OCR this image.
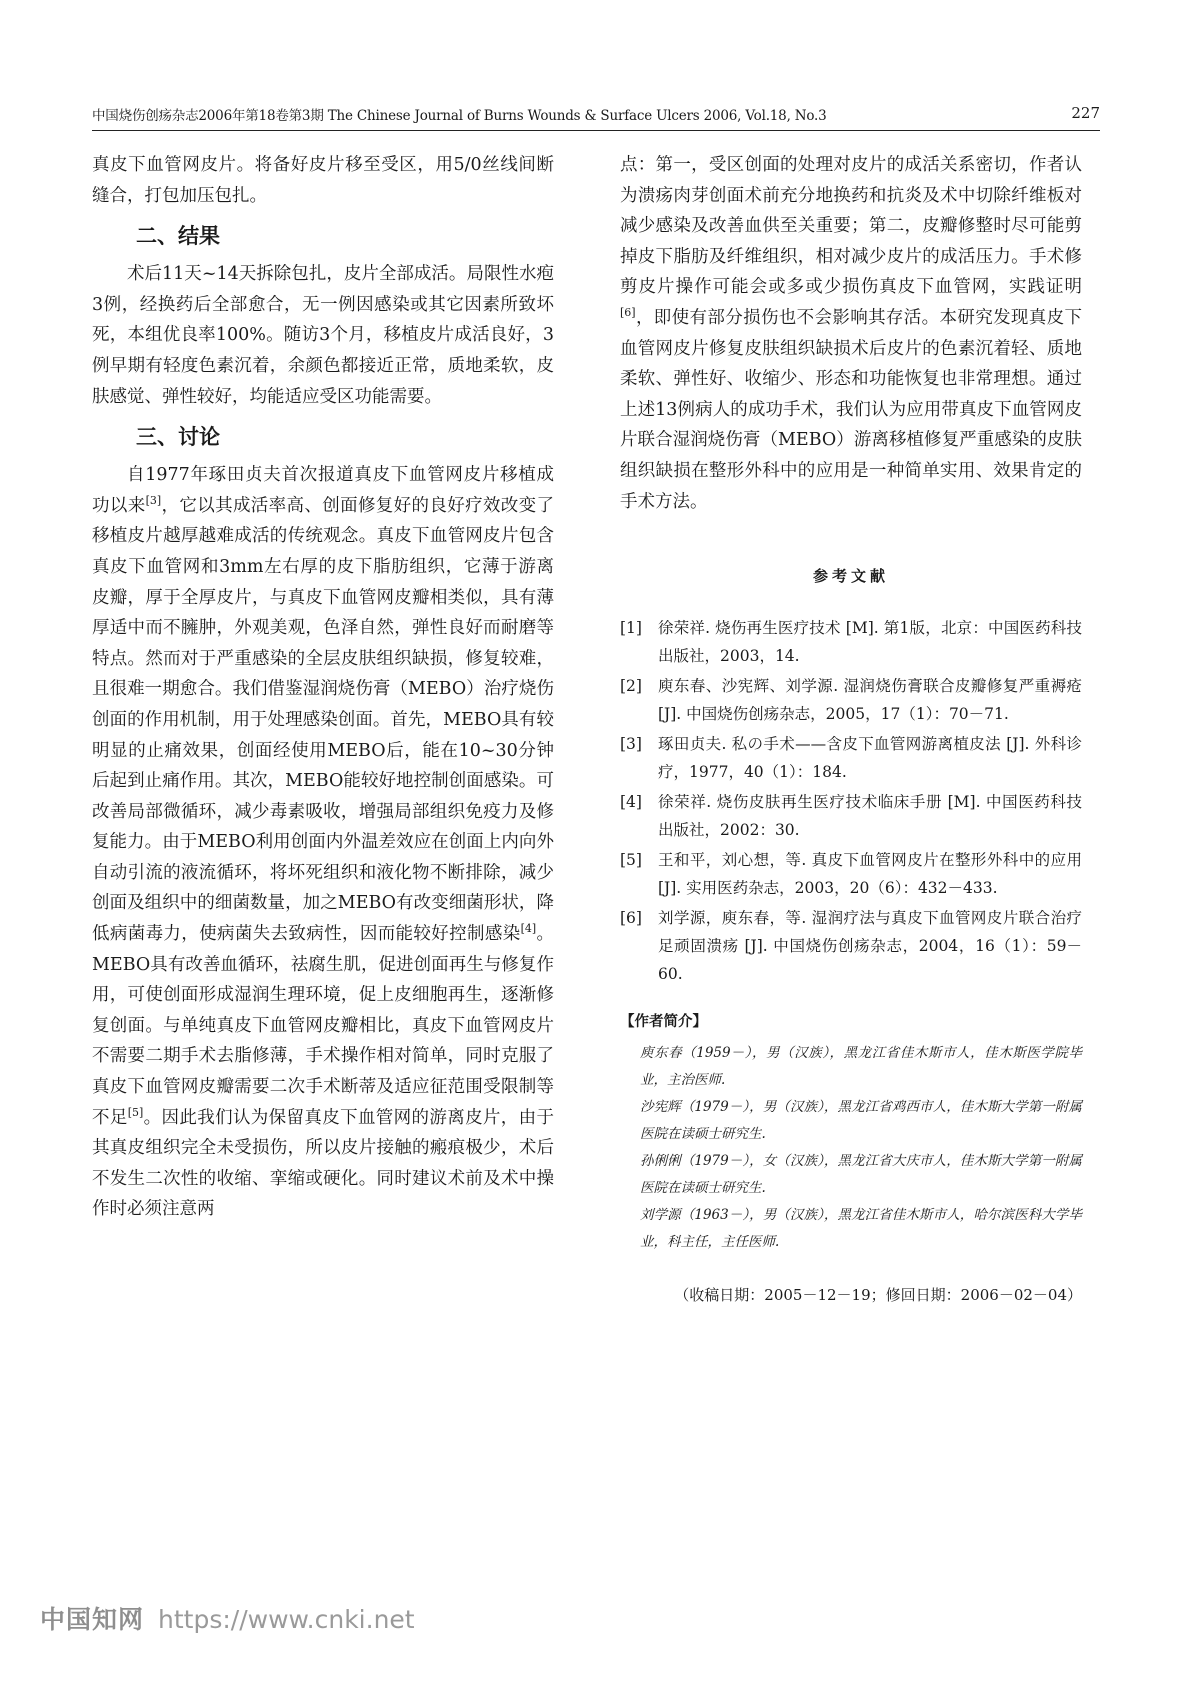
中国烧伤创疡杂志2006年第18卷第3期 The Chinese Journal of Burns Wounds & Surface Ulcers 2006, Vol.18, No.3	227

真皮下血管网皮片。将备好皮片移至受区，用5/0丝线间断缝合，打包加压包扎。

二、结果

术后11天~14天拆除包扎，皮片全部成活。局限性水疱3例，经换药后全部愈合，无一例因感染或其它因素所致坏死，本组优良率100%。随访3个月，移植皮片成活良好，3例早期有轻度色素沉着，余颜色都接近正常，质地柔软，皮肤感觉、弹性较好，均能适应受区功能需要。

三、讨论

自1977年琢田贞夫首次报道真皮下血管网皮片移植成功以来[3]，它以其成活率高、创面修复好的良好疗效改变了移植皮片越厚越难成活的传统观念。真皮下血管网皮片包含真皮下血管网和3mm左右厚的皮下脂肪组织，它薄于游离皮瓣，厚于全厚皮片，与真皮下血管网皮瓣相类似，具有薄厚适中而不臃肿，外观美观，色泽自然，弹性良好而耐磨等特点。然而对于严重感染的全层皮肤组织缺损，修复较难，且很难一期愈合。我们借鉴湿润烧伤膏（MEBO）治疗烧伤创面的作用机制，用于处理感染创面。首先，MEBO具有较明显的止痛效果，创面经使用MEBO后，能在10~30分钟后起到止痛作用。其次，MEBO能较好地控制创面感染。可改善局部微循环，减少毒素吸收，增强局部组织免疫力及修复能力。由于MEBO利用创面内外温差效应在创面上内向外自动引流的液流循环，将坏死组织和液化物不断排除，减少创面及组织中的细菌数量，加之MEBO有改变细菌形状，降低病菌毒力，使病菌失去致病性，因而能较好控制感染[4]。MEBO具有改善血循环，祛腐生肌，促进创面再生与修复作用，可使创面形成湿润生理环境，促上皮细胞再生，逐渐修复创面。与单纯真皮下血管网皮瓣相比，真皮下血管网皮片不需要二期手术去脂修薄，手术操作相对简单，同时克服了真皮下血管网皮瓣需要二次手术断蒂及适应征范围受限制等不足[5]。因此我们认为保留真皮下血管网的游离皮片，由于其真皮组织完全未受损伤，所以皮片接触的瘢痕极少，术后不发生二次性的收缩、挛缩或硬化。同时建议术前及术中操作时必须注意两

点：第一，受区创面的处理对皮片的成活关系密切，作者认为溃疡肉芽创面术前充分地换药和抗炎及术中切除纤维板对减少感染及改善血供至关重要；第二，皮瓣修整时尽可能剪掉皮下脂肪及纤维组织，相对减少皮片的成活压力。手术修剪皮片操作可能会或多或少损伤真皮下血管网，实践证明[6]，即使有部分损伤也不会影响其存活。本研究发现真皮下血管网皮片修复皮肤组织缺损术后皮片的色素沉着轻、质地柔软、弹性好、收缩少、形态和功能恢复也非常理想。通过上述13例病人的成功手术，我们认为应用带真皮下血管网皮片联合湿润烧伤膏（MEBO）游离移植修复严重感染的皮肤组织缺损在整形外科中的应用是一种简单实用、效果肯定的手术方法。

参考文献
[1] 徐荣祥. 烧伤再生医疗技术 [M]. 第1版，北京：中国医药科技出版社，2003，14.
[2] 庾东春、沙宪辉、刘学源. 湿润烧伤膏联合皮瓣修复严重褥疮 [J]. 中国烧伤创疡杂志，2005，17（1）：70－71.
[3] 琢田贞夫. 私の手术——含皮下血管网游离植皮法 [J]. 外科诊疗，1977，40（1）：184.
[4] 徐荣祥. 烧伤皮肤再生医疗技术临床手册 [M]. 中国医药科技出版社，2002：30.
[5] 王和平，刘心想，等. 真皮下血管网皮片在整形外科中的应用 [J]. 实用医药杂志，2003，20（6）：432－433.
[6] 刘学源，庾东春，等. 湿润疗法与真皮下血管网皮片联合治疗足顽固溃疡 [J]. 中国烧伤创疡杂志，2004，16（1）：59－60.
【作者简介】
庾东春（1959－），男（汉族），黑龙江省佳木斯市人，佳木斯医学院毕业，主治医师.
沙宪辉（1979－），男（汉族），黑龙江省鸡西市人，佳木斯大学第一附属医院在读硕士研究生.
孙俐俐（1979－），女（汉族），黑龙江省大庆市人，佳木斯大学第一附属医院在读硕士研究生.
刘学源（1963－），男（汉族），黑龙江省佳木斯市人，哈尔滨医科大学毕业，科主任，主任医师.
（收稿日期：2005－12－19；修回日期：2006－02－04）
中国知网 https://www.cnki.net
